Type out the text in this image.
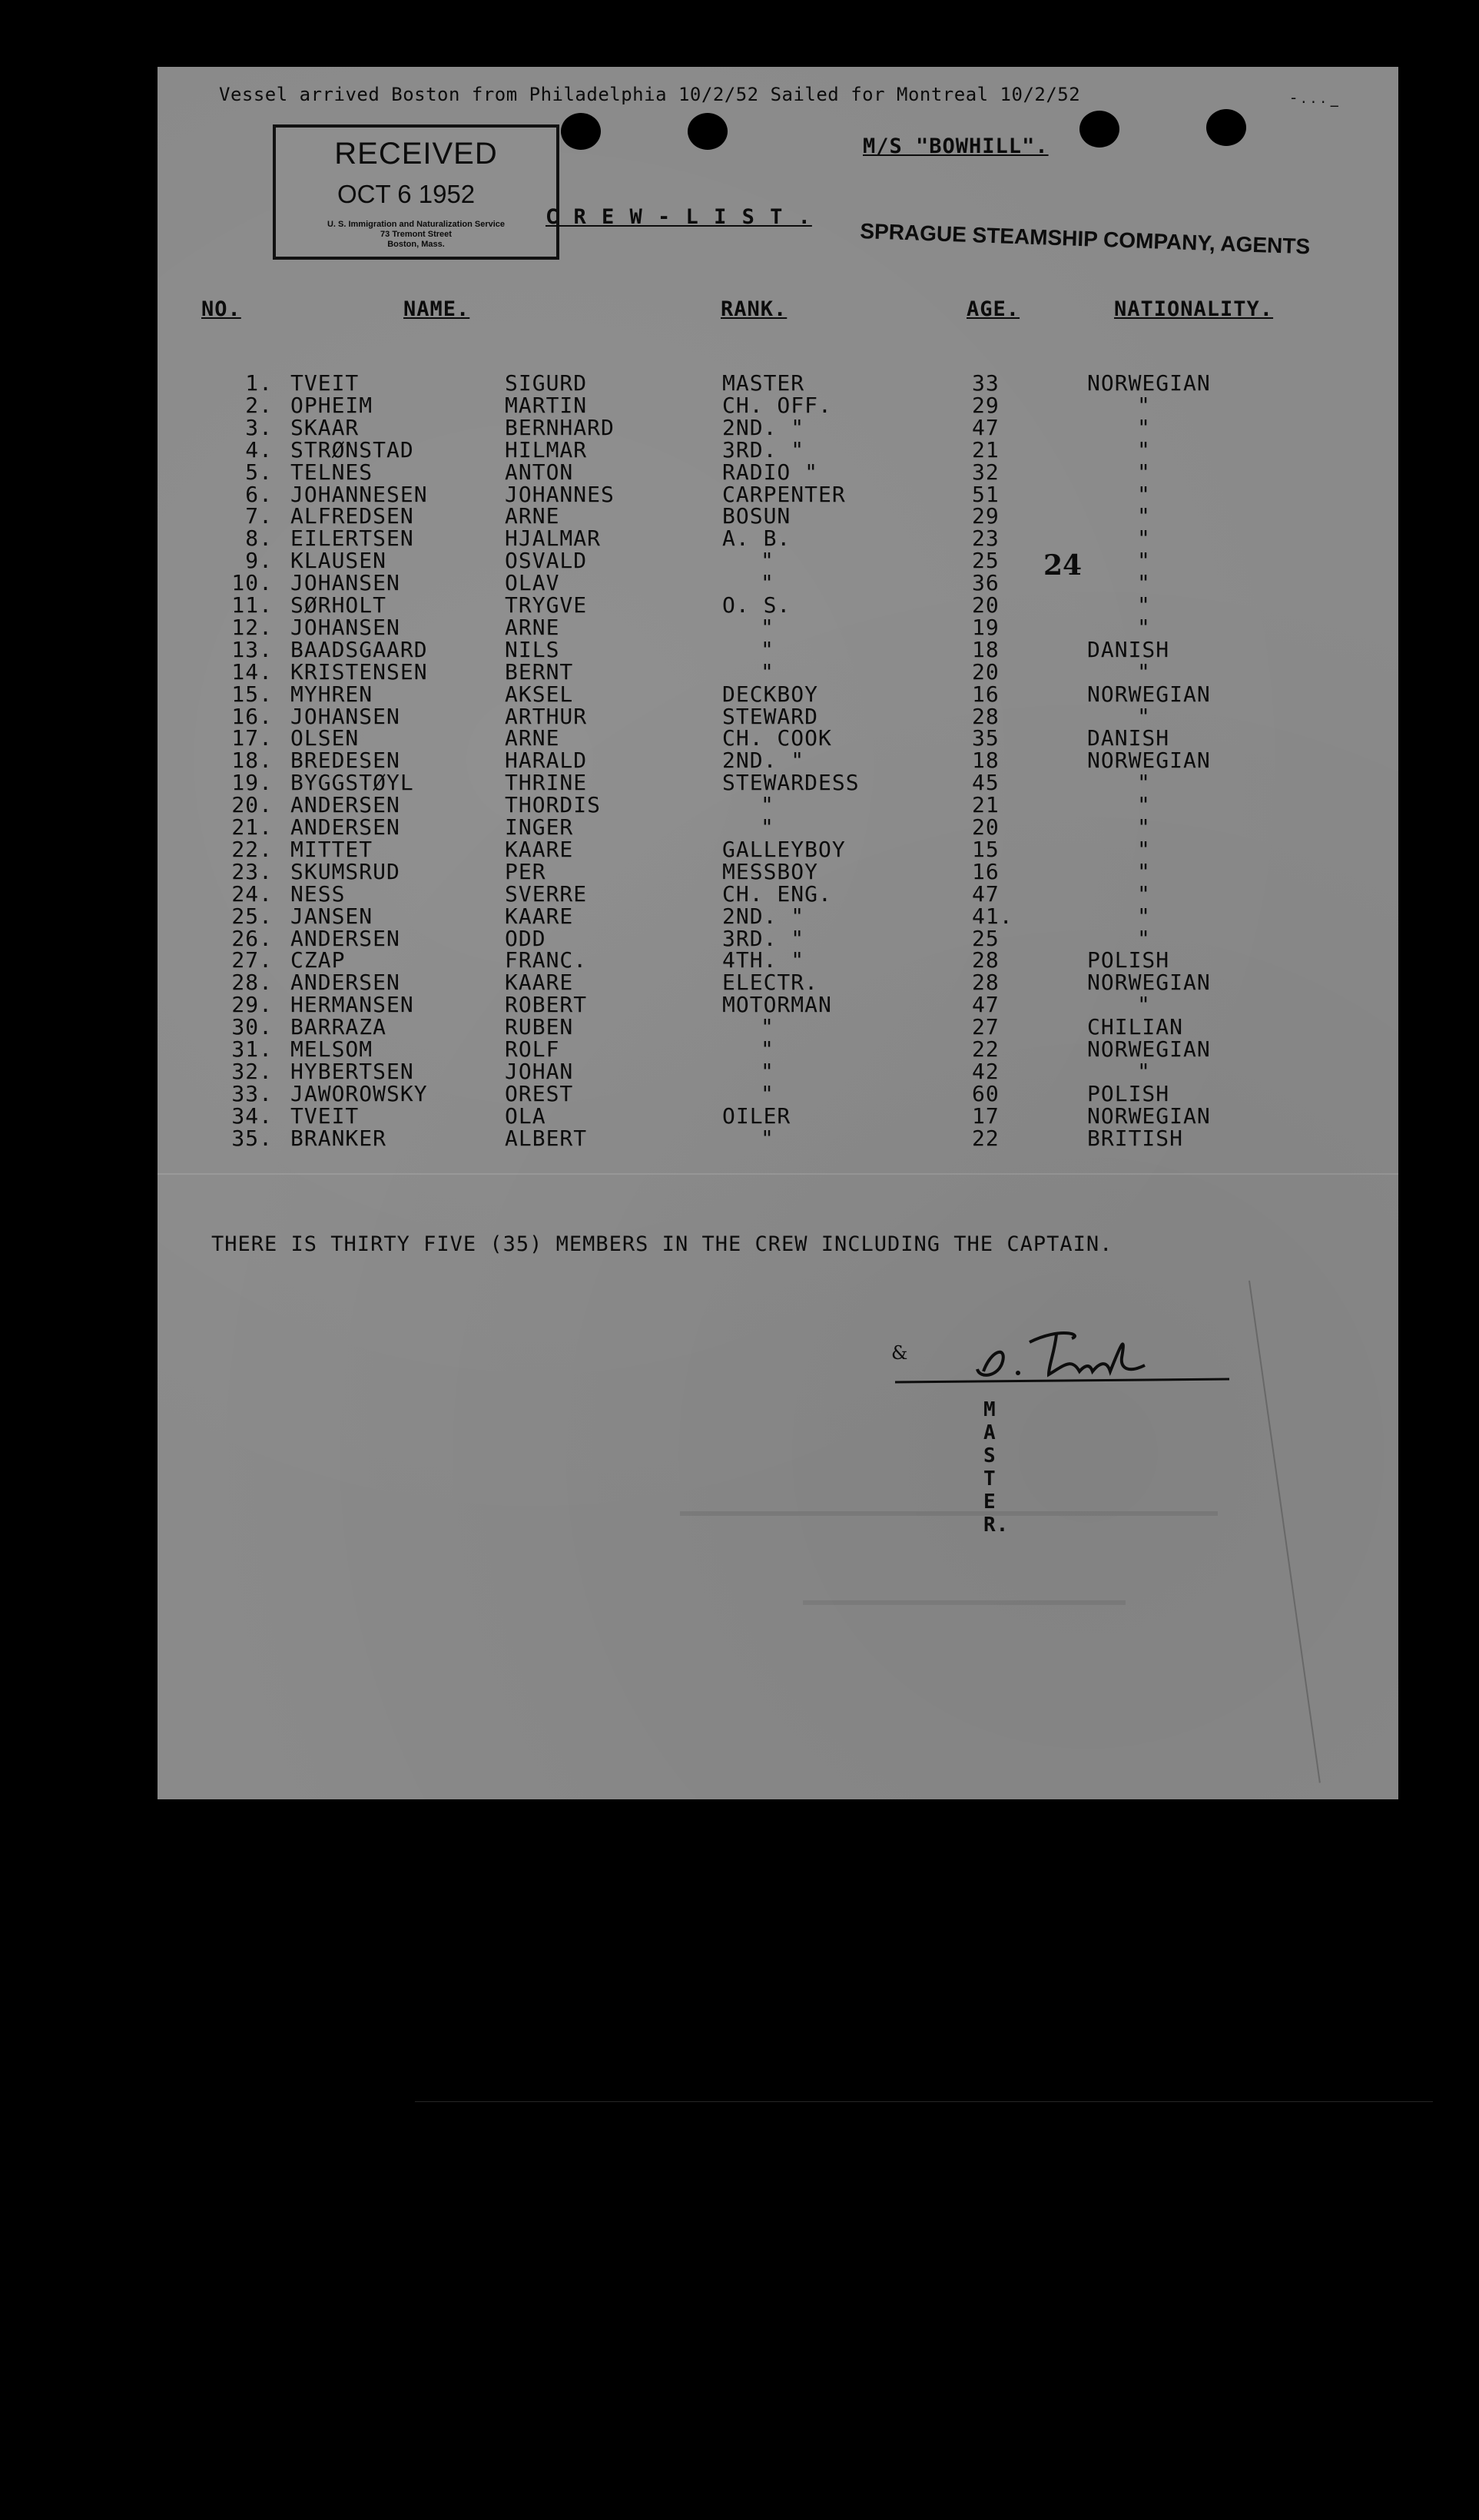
Vessel arrived Boston from Philadelphia 10/2/52 Sailed for Montreal 10/2/52	- . . . _
M/S "BOWHILL".
RECEIVED
OCT 6 1952
U. S. Immigration and Naturalization Service
73 Tremont Street
Boston, Mass.
C R E W - L I S T .
SPRAGUE STEAMSHIP COMPANY, AGENTS
NO.	NAME.	RANK.	AGE.	NATIONALITY.
24
1. TVEIT	SIGURD	MASTER	33	NORWEGIAN
2. OPHEIM	MARTIN	CH. OFF.	29	"
3. SKAAR	BERNHARD	2ND. "	47	"
4. STRØNSTAD	HILMAR	3RD. "	21	"
5. TELNES	ANTON	RADIO "	32	"
6. JOHANNESEN	JOHANNES	CARPENTER	51	"
7. ALFREDSEN	ARNE	BOSUN	29	"
8. EILERTSEN	HJALMAR	A. B.	23	"
9. KLAUSEN	OSVALD	"	25	"
10. JOHANSEN	OLAV	"	36	"
11. SØRHOLT	TRYGVE	O. S.	20	"
12. JOHANSEN	ARNE	"	19	"
13. BAADSGAARD	NILS	"	18	DANISH
14. KRISTENSEN	BERNT	"	20	"
15. MYHREN	AKSEL	DECKBOY	16	NORWEGIAN
16. JOHANSEN	ARTHUR	STEWARD	28	"
17. OLSEN	ARNE	CH. COOK	35	DANISH
18. BREDESEN	HARALD	2ND. "	18	NORWEGIAN
19. BYGGSTØYL	THRINE	STEWARDESS	45	"
20. ANDERSEN	THORDIS	"	21	"
21. ANDERSEN	INGER	"	20	"
22. MITTET	KAARE	GALLEYBOY	15	"
23. SKUMSRUD	PER	MESSBOY	16	"
24. NESS	SVERRE	CH. ENG.	47	"
25. JANSEN	KAARE	2ND. "	41.	"
26. ANDERSEN	ODD	3RD. "	25	"
27. CZAP	FRANC.	4TH. "	28	POLISH
28. ANDERSEN	KAARE	ELECTR.	28	NORWEGIAN
29. HERMANSEN	ROBERT	MOTORMAN	47	"
30. BARRAZA	RUBEN	"	27	CHILIAN
31. MELSOM	ROLF	"	22	NORWEGIAN
32. HYBERTSEN	JOHAN	"	42	"
33. JAWOROWSKY	OREST	"	60	POLISH
34. TVEIT	OLA	OILER	17	NORWEGIAN
35. BRANKER	ALBERT	"	22	BRITISH
THERE IS THIRTY FIVE (35) MEMBERS IN THE CREW INCLUDING THE CAPTAIN.
&
M A S T E R.
